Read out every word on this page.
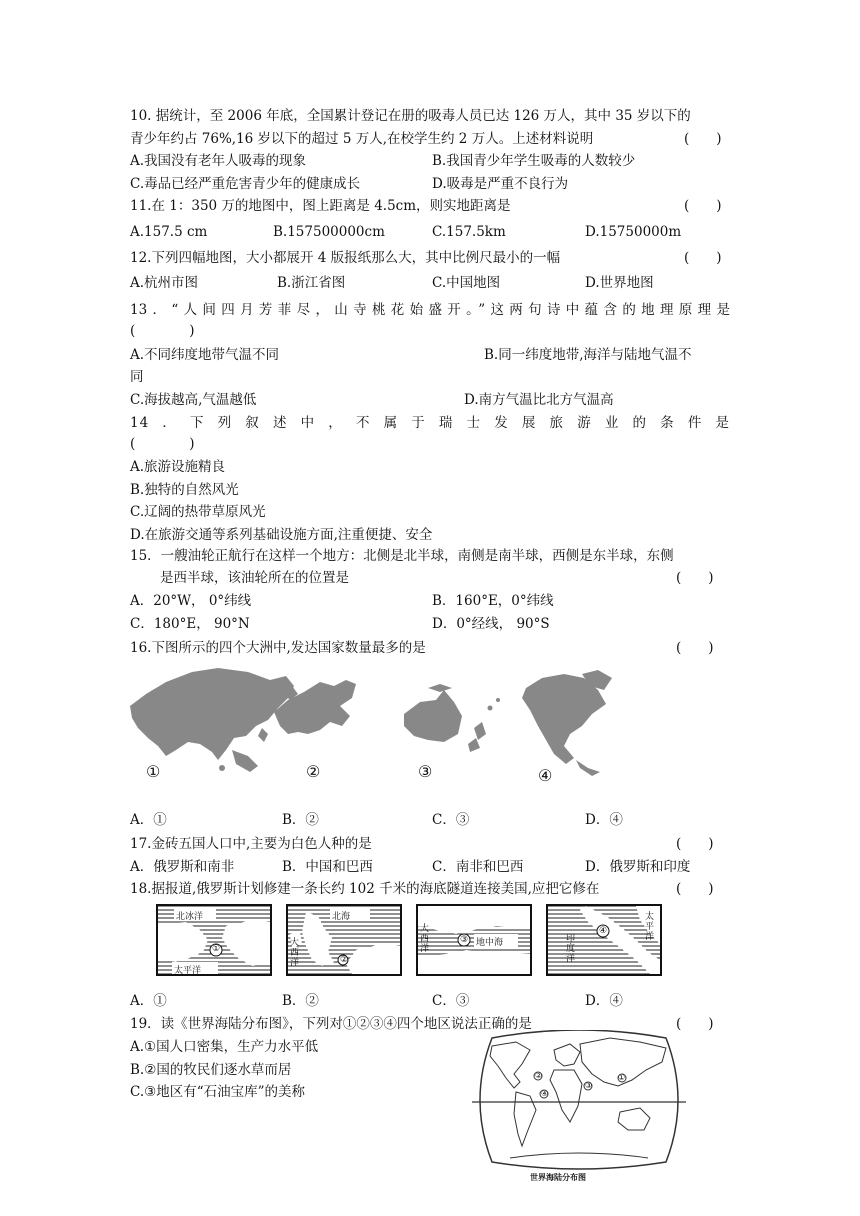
10. 据统计，至 2006 年底，全国累计登记在册的吸毒人员已达 126 万人，其中 35 岁以下的
青少年约占 76%,16 岁以下的超过 5 万人,在校学生约 2 万人。上述材料说明	(　　)
A.我国没有老年人吸毒的现象	B.我国青少年学生吸毒的人数较少
C.毒品已经严重危害青少年的健康成长	D.吸毒是严重不良行为
11.在 1：350 万的地图中，图上距离是 4.5cm，则实地距离是	(　　)
A.157.5 cm	B.157500000cm	C.157.5km	D.15750000m
12.下列四幅地图，大小都展开 4 版报纸那么大，其中比例尺最小的一幅	(　　)
A.杭州市图	B.浙江省图	C.中国地图	D.世界地图
13．“人间四月芳菲尽，山寺桃花始盛开。”这两句诗中蕴含的地理原理是
(　　　　)
A.不同纬度地带气温不同	B.同一纬度地带,海洋与陆地气温不
同
C.海拔越高,气温越低	D.南方气温比北方气温高
14．下列叙述中，不属于瑞士发展旅游业的条件是
(　　　　)
A.旅游设施精良
B.独特的自然风光
C.辽阔的热带草原风光
D.在旅游交通等系列基础设施方面,注重便捷、安全
15．一艘油轮正航行在这样一个地方：北侧是北半球，南侧是南半球，西侧是东半球，东侧
是西半球，该油轮所在的位置是	(　　)
A．20°W， 0°纬线	B．160°E，0°纬线
C．180°E， 90°N	D．0°经线， 90°S
16.下图所示的四个大洲中,发达国家数量最多的是	(　　)
①	②	③	④
A．①	B．②	C．③	D．④
17.金砖五国人口中,主要为白色人种的是	(　　)
A．俄罗斯和南非	B．中国和巴西	C．南非和巴西	D．俄罗斯和印度
18.据报道,俄罗斯计划修建一条长约 102 千米的海底隧道连接美国,应把它修在	(　　)
北冰洋
太平洋
①
北海
大西洋	②
大西洋
地中海
③	印度洋
太平洋
④
A．①	B．②	C．③	D．④
19．读《世界海陆分布图》，下列对①②③④四个地区说法正确的是	(　　)
A.①国人口密集，生产力水平低
B.②国的牧民们逐水草而居
C.③地区有“石油宝库”的美称
①
②
③
④
世界海陆分布图
